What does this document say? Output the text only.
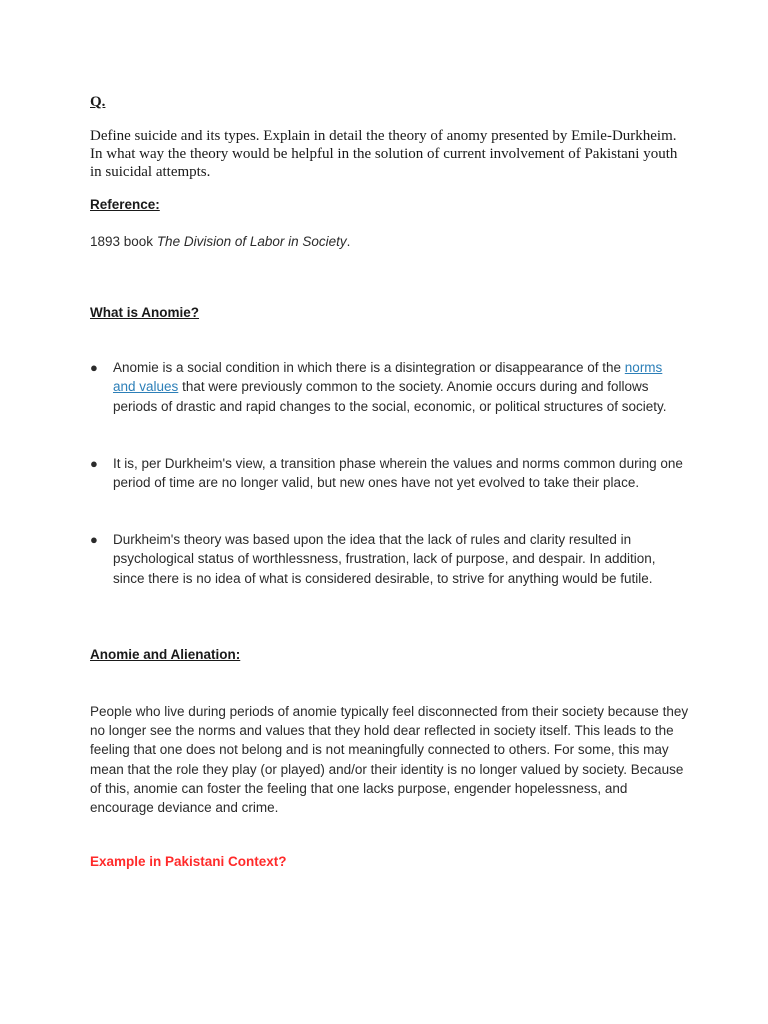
Q.
Define suicide and its types. Explain in detail the theory of anomy presented by Emile-Durkheim. In what way the theory would be helpful in the solution of current involvement of Pakistani youth in suicidal attempts.
Reference:
1893 book The Division of Labor in Society.
What is Anomie?
● Anomie is a social condition in which there is a disintegration or disappearance of the norms and values that were previously common to the society. Anomie occurs during and follows periods of drastic and rapid changes to the social, economic, or political structures of society.
● It is, per Durkheim's view, a transition phase wherein the values and norms common during one period of time are no longer valid, but new ones have not yet evolved to take their place.
● Durkheim's theory was based upon the idea that the lack of rules and clarity resulted in psychological status of worthlessness, frustration, lack of purpose, and despair. In addition, since there is no idea of what is considered desirable, to strive for anything would be futile.
Anomie and Alienation:
People who live during periods of anomie typically feel disconnected from their society because they no longer see the norms and values that they hold dear reflected in society itself. This leads to the feeling that one does not belong and is not meaningfully connected to others. For some, this may mean that the role they play (or played) and/or their identity is no longer valued by society. Because of this, anomie can foster the feeling that one lacks purpose, engender hopelessness, and encourage deviance and crime.
Example in Pakistani Context?
